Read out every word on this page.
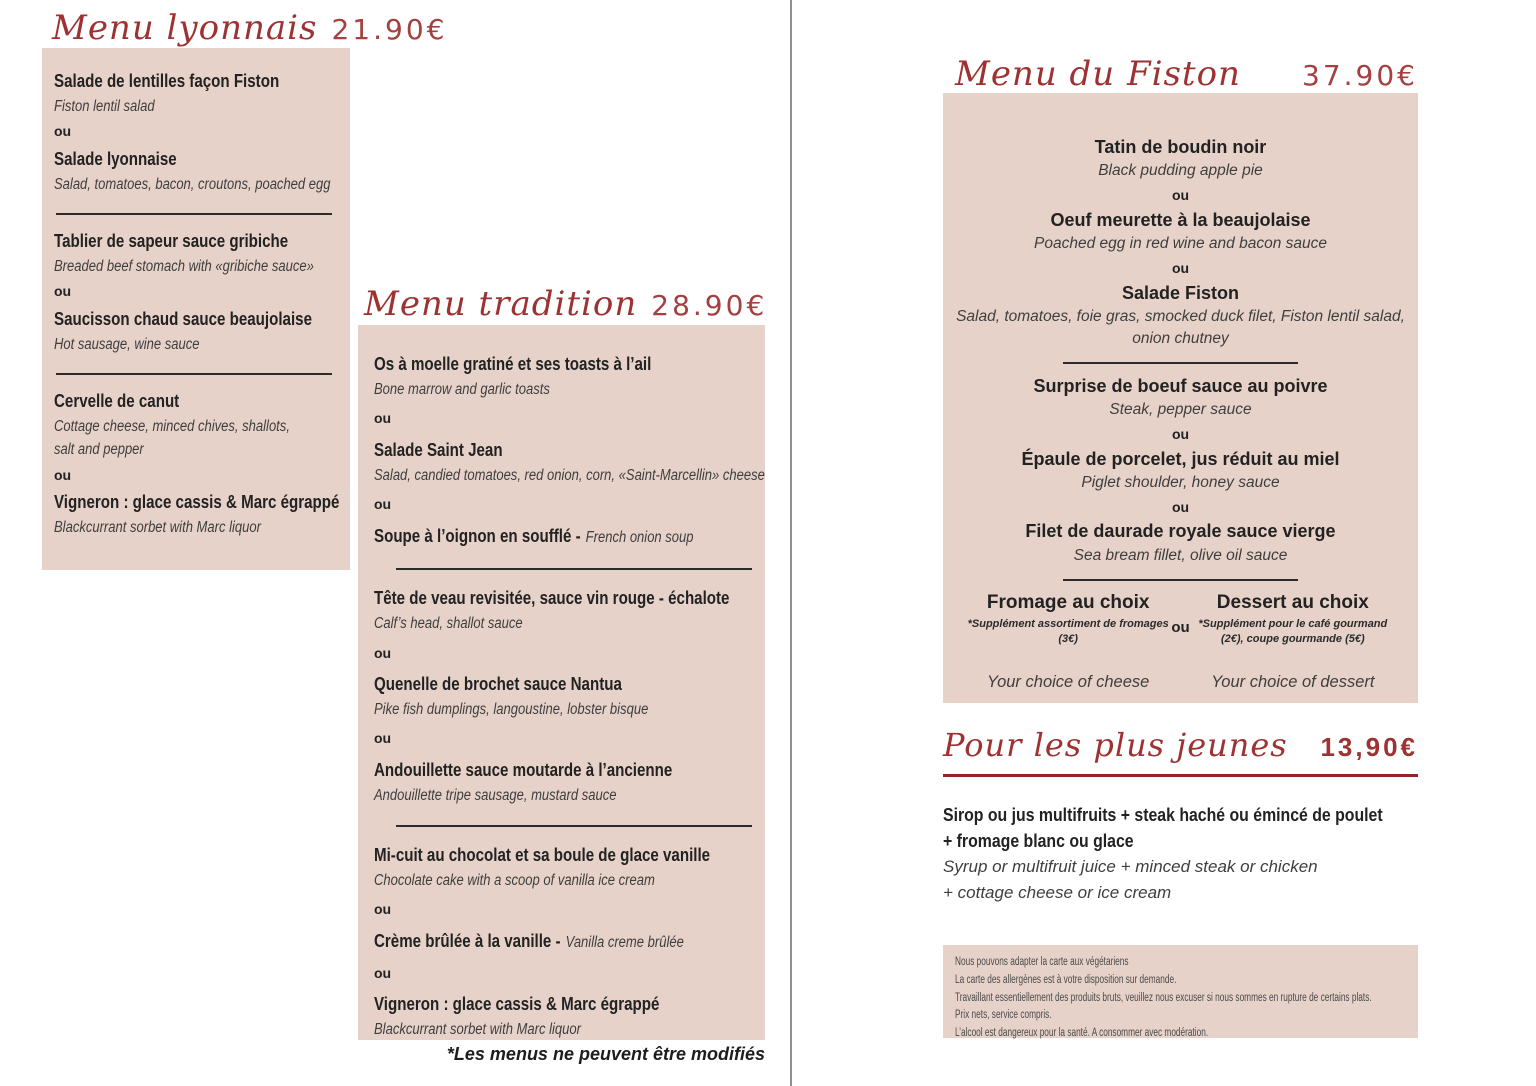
Menu lyonnais 21.90€
Salade de lentilles façon Fiston
Fiston lentil salad
ou
Salade lyonnaise
Salad, tomatoes, bacon, croutons, poached egg
Tablier de sapeur sauce gribiche
Breaded beef stomach with «gribiche sauce»
ou
Saucisson chaud sauce beaujolaise
Hot sausage, wine sauce
Cervelle de canut
Cottage cheese, minced chives, shallots,
salt and pepper
ou
Vigneron : glace cassis & Marc égrappé
Blackcurrant sorbet with Marc liquor
Menu tradition 28.90€
Os à moelle gratiné et ses toasts à l’ail
Bone marrow and garlic toasts
ou
Salade Saint Jean
Salad, candied tomatoes, red onion, corn, «Saint-Marcellin» cheese
ou
Soupe à l’oignon en soufflé - French onion soup
Tête de veau revisitée, sauce vin rouge - échalote
Calf’s head, shallot sauce
ou
Quenelle de brochet sauce Nantua
Pike fish dumplings, langoustine, lobster bisque
ou
Andouillette sauce moutarde à l’ancienne
Andouillette tripe sausage, mustard sauce
Mi-cuit au chocolat et sa boule de glace vanille
Chocolate cake with a scoop of vanilla ice cream
ou
Crème brûlée à la vanille - Vanilla creme brûlée
ou
Vigneron : glace cassis & Marc égrappé
Blackcurrant sorbet with Marc liquor
Menu du Fiston 37.90€
Tatin de boudin noir
Black pudding apple pie
ou
Oeuf meurette à la beaujolaise
Poached egg in red wine and bacon sauce
ou
Salade Fiston
Salad, tomatoes, foie gras, smocked duck filet, Fiston lentil salad, onion chutney
Surprise de boeuf sauce au poivre
Steak, pepper sauce
ou
Épaule de porcelet, jus réduit au miel
Piglet shoulder, honey sauce
ou
Filet de daurade royale sauce vierge
Sea bream fillet, olive oil sauce
Fromage au choix
*Supplément assortiment de fromages (3€)
Your choice of cheese
ou
Dessert au choix
*Supplément pour le café gourmand (2€), coupe gourmande (5€)
Your choice of dessert
Pour les plus jeunes 13,90€
Sirop ou jus multifruits + steak haché ou émincé de poulet
+ fromage blanc ou glace
Syrup or multifruit juice + minced steak or chicken
+ cottage cheese or ice cream
Nous pouvons adapter la carte aux végétariens
La carte des allergènes est à votre disposition sur demande.
Travaillant essentiellement des produits bruts, veuillez nous excuser si nous sommes en rupture de certains plats.
Prix nets, service compris.
L’alcool est dangereux pour la santé. A consommer avec modération.
*Les menus ne peuvent être modifiés
